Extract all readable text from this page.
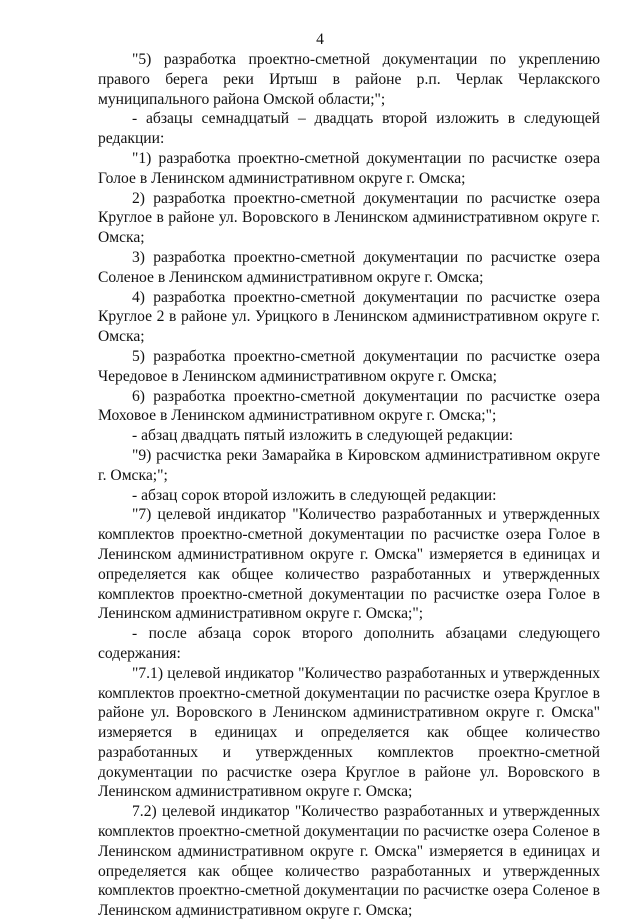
4

"5) разработка проектно-сметной документации по укреплению правого берега реки Иртыш в районе р.п. Черлак Черлакского муниципального района Омской области;";

- абзацы семнадцатый – двадцать второй изложить в следующей редакции:

"1) разработка проектно-сметной документации по расчистке озера Голое в Ленинском административном округе г. Омска;

2) разработка проектно-сметной документации по расчистке озера Круглое в районе ул. Воровского в Ленинском административном округе г. Омска;

3) разработка проектно-сметной документации по расчистке озера Соленое в Ленинском административном округе г. Омска;

4) разработка проектно-сметной документации по расчистке озера Круглое 2 в районе ул. Урицкого в Ленинском административном округе г. Омска;

5) разработка проектно-сметной документации по расчистке озера Чередовое в Ленинском административном округе г. Омска;

6) разработка проектно-сметной документации по расчистке озера Моховое в Ленинском административном округе г. Омска;";

- абзац двадцать пятый изложить в следующей редакции:

"9) расчистка реки Замарайка в Кировском административном округе г. Омска;";

- абзац сорок второй изложить в следующей редакции:

"7) целевой индикатор "Количество разработанных и утвержденных комплектов проектно-сметной документации по расчистке озера Голое в Ленинском административном округе г. Омска" измеряется в единицах и определяется как общее количество разработанных и утвержденных комплектов проектно-сметной документации по расчистке озера Голое в Ленинском административном округе г. Омска;";

- после абзаца сорок второго дополнить абзацами следующего содержания:

"7.1) целевой индикатор "Количество разработанных и утвержденных комплектов проектно-сметной документации по расчистке озера Круглое в районе ул. Воровского в Ленинском административном округе г. Омска" измеряется в единицах и определяется как общее количество разработанных и утвержденных комплектов проектно-сметной документации по расчистке озера Круглое в районе ул. Воровского в Ленинском административном округе г. Омска;

7.2) целевой индикатор "Количество разработанных и утвержденных комплектов проектно-сметной документации по расчистке озера Соленое в Ленинском административном округе г. Омска" измеряется в единицах и определяется как общее количество разработанных и утвержденных комплектов проектно-сметной документации по расчистке озера Соленое в Ленинском административном округе г. Омска;
